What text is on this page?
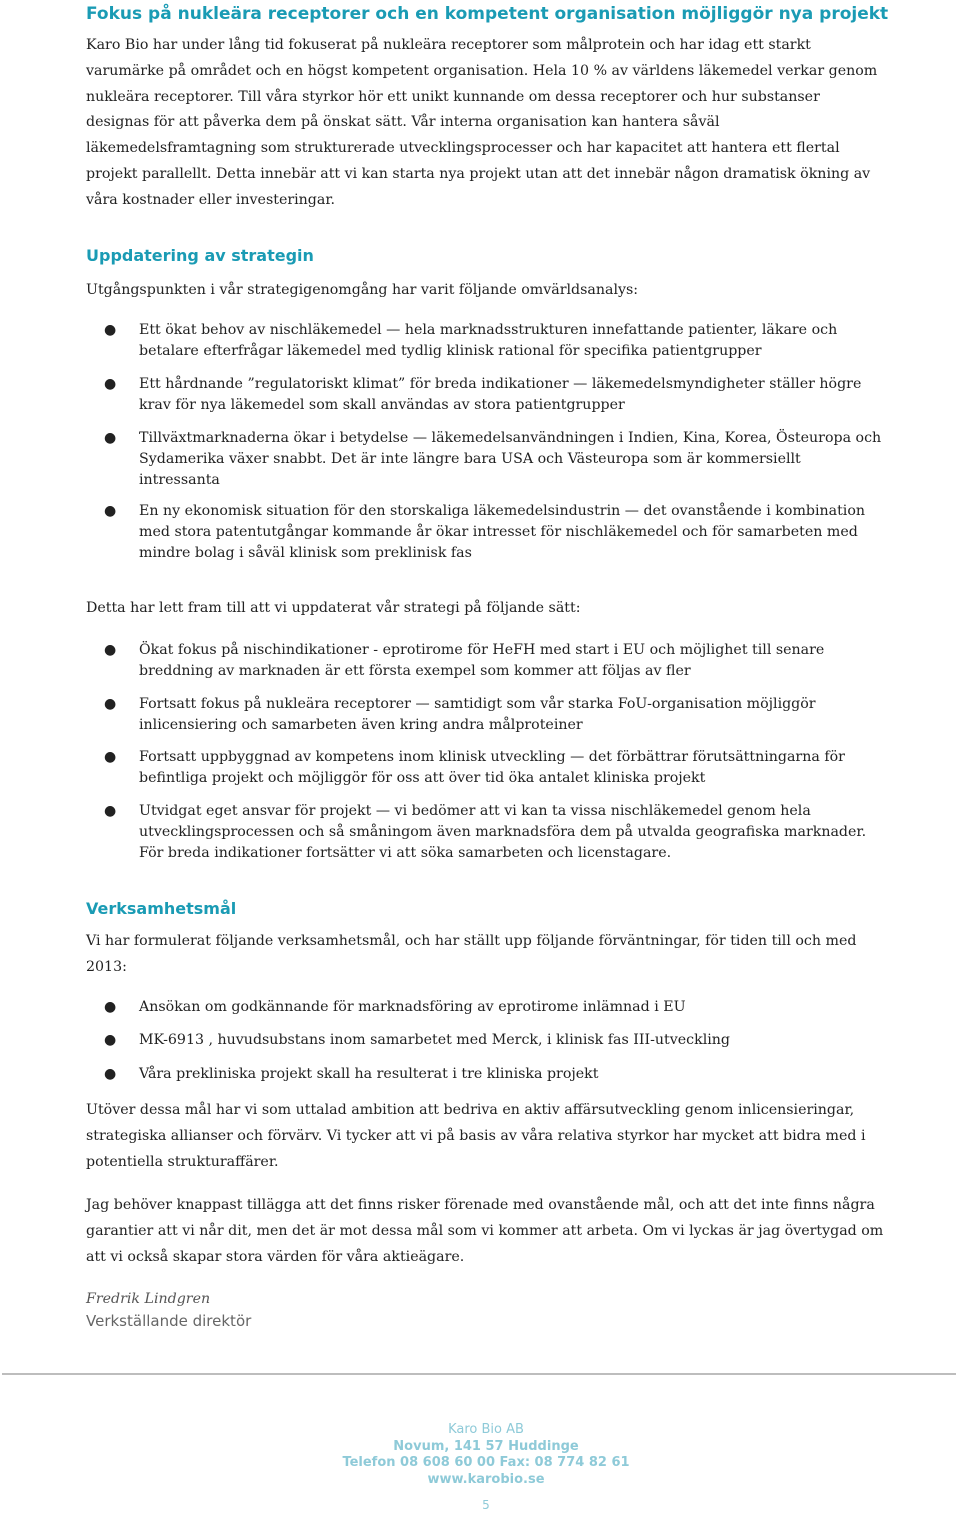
Fokus på nukleära receptorer och en kompetent organisation möjliggör nya projekt

Karo Bio har under lång tid fokuserat på nukleära receptorer som målprotein och har idag ett starkt varumärke på området och en högst kompetent organisation. Hela 10 % av världens läkemedel verkar genom nukleära receptorer. Till våra styrkor hör ett unikt kunnande om dessa receptorer och hur substanser designas för att påverka dem på önskat sätt. Vår interna organisation kan hantera såväl läkemedelsframtagning som strukturerade utvecklingsprocesser och har kapacitet att hantera ett flertal projekt parallellt. Detta innebär att vi kan starta nya projekt utan att det innebär någon dramatisk ökning av våra kostnader eller investeringar.

Uppdatering av strategin

Utgångspunkten i vår strategigenomgång har varit följande omvärldsanalys:

● Ett ökat behov av nischläkemedel — hela marknadsstrukturen innefattande patienter, läkare och betalare efterfrågar läkemedel med tydlig klinisk rational för specifika patientgrupper
● Ett hårdnande ”regulatoriskt klimat” för breda indikationer — läkemedelsmyndigheter ställer högre krav för nya läkemedel som skall användas av stora patientgrupper
● Tillväxtmarknaderna ökar i betydelse — läkemedelsanvändningen i Indien, Kina, Korea, Östeuropa och Sydamerika växer snabbt. Det är inte längre bara USA och Västeuropa som är kommersiellt intressanta
● En ny ekonomisk situation för den storskaliga läkemedelsindustrin — det ovanstående i kombination med stora patentutgångar kommande år ökar intresset för nischläkemedel och för samarbeten med mindre bolag i såväl klinisk som preklinisk fas

Detta har lett fram till att vi uppdaterat vår strategi på följande sätt:

● Ökat fokus på nischindikationer - eprotirome för HeFH med start i EU och möjlighet till senare breddning av marknaden är ett första exempel som kommer att följas av fler
● Fortsatt fokus på nukleära receptorer — samtidigt som vår starka FoU-organisation möjliggör inlicensiering och samarbeten även kring andra målproteiner
● Fortsatt uppbyggnad av kompetens inom klinisk utveckling — det förbättrar förutsättningarna för befintliga projekt och möjliggör för oss att över tid öka antalet kliniska projekt
● Utvidgat eget ansvar för projekt — vi bedömer att vi kan ta vissa nischläkemedel genom hela utvecklingsprocessen och så småningom även marknadsföra dem på utvalda geografiska marknader. För breda indikationer fortsätter vi att söka samarbeten och licenstagare.
Verksamhetsmål

Vi har formulerat följande verksamhetsmål, och har ställt upp följande förväntningar, för tiden till och med 2013:

● Ansökan om godkännande för marknadsföring av eprotirome inlämnad i EU
● MK-6913 , huvudsubstans inom samarbetet med Merck, i klinisk fas III-utveckling
● Våra prekliniska projekt skall ha resulterat i tre kliniska projekt

Utöver dessa mål har vi som uttalad ambition att bedriva en aktiv affärsutveckling genom inlicensieringar, strategiska allianser och förvärv. Vi tycker att vi på basis av våra relativa styrkor har mycket att bidra med i potentiella strukturaffärer.

Jag behöver knappast tillägga att det finns risker förenade med ovanstående mål, och att det inte finns några garantier att vi når dit, men det är mot dessa mål som vi kommer att arbeta. Om vi lyckas är jag övertygad om att vi också skapar stora värden för våra aktieägare.

Fredrik Lindgren

Verkställande direktör

Karo Bio AB
Novum, 141 57 Huddinge
Telefon 08 608 60 00 Fax: 08 774 82 61
www.karobio.se
5
